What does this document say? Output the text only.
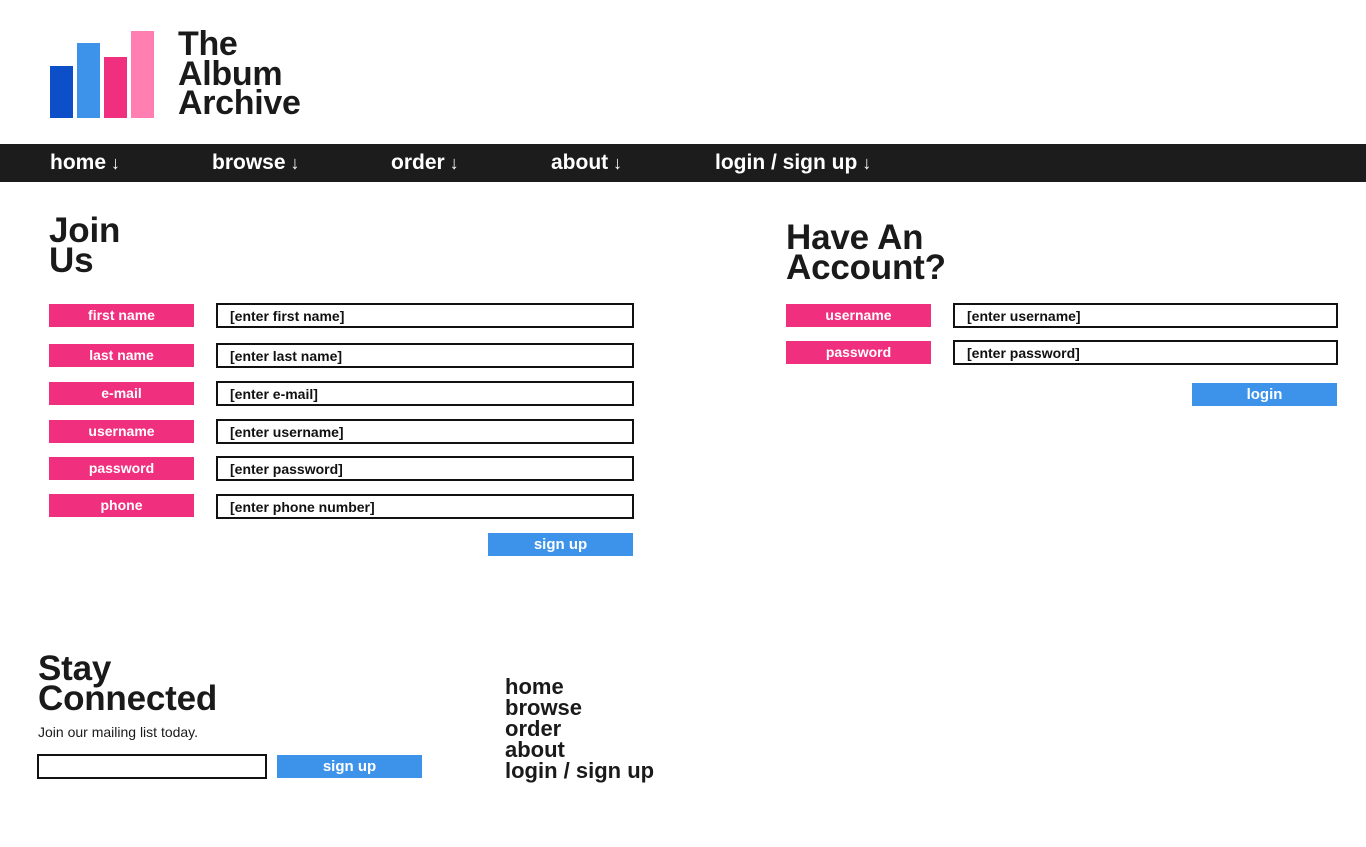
The
Album
Archive
home ↓	browse ↓	order ↓	about ↓	login / sign up ↓
Join
Us
first name
[enter first name]
last name
[enter last name]
e-mail
[enter e-mail]
username
[enter username]
password
[enter password]
phone
[enter phone number]
sign up
Have An
Account?
username
[enter username]
password
[enter password]
login
Stay
Connected

Join our mailing list today.

sign up
home
browse
order
about
login / sign up
